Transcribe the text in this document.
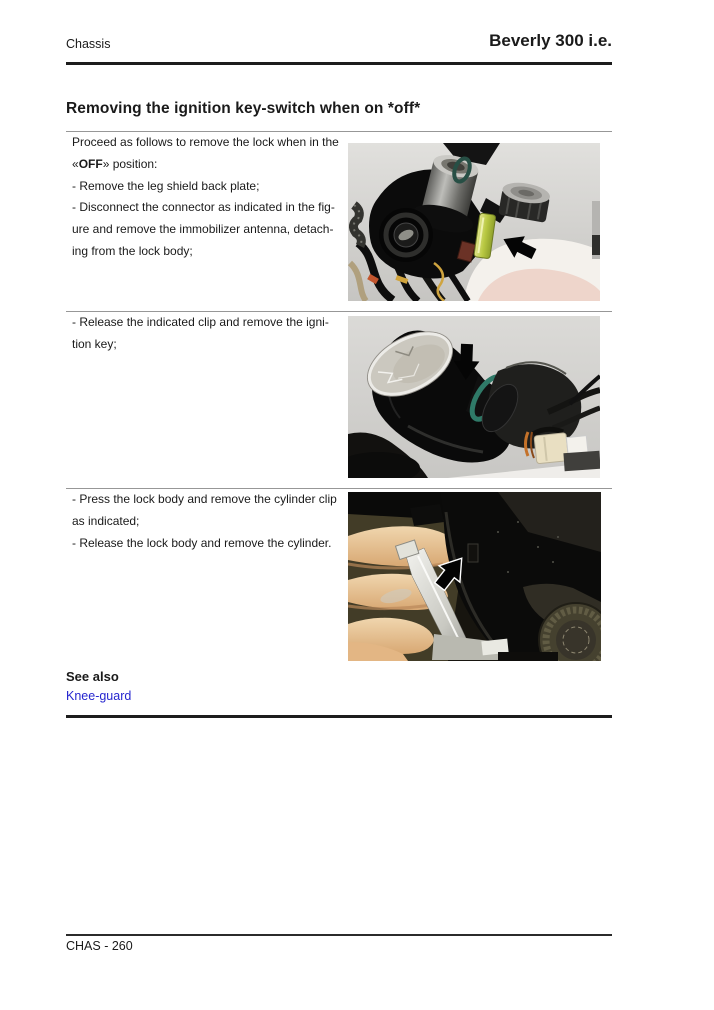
Chassis	Beverly 300 i.e.
Removing the ignition key-switch when on *off*
Proceed as follows to remove the lock when in the
«OFF» position:
- Remove the leg shield back plate;
- Disconnect the connector as indicated in the fig-
ure and remove the immobilizer antenna, detach-
ing from the lock body;
- Release the indicated clip and remove the igni-
tion key;
- Press the lock body and remove the cylinder clip
as indicated;
- Release the lock body and remove the cylinder.
See also
Knee-guard
CHAS - 260
